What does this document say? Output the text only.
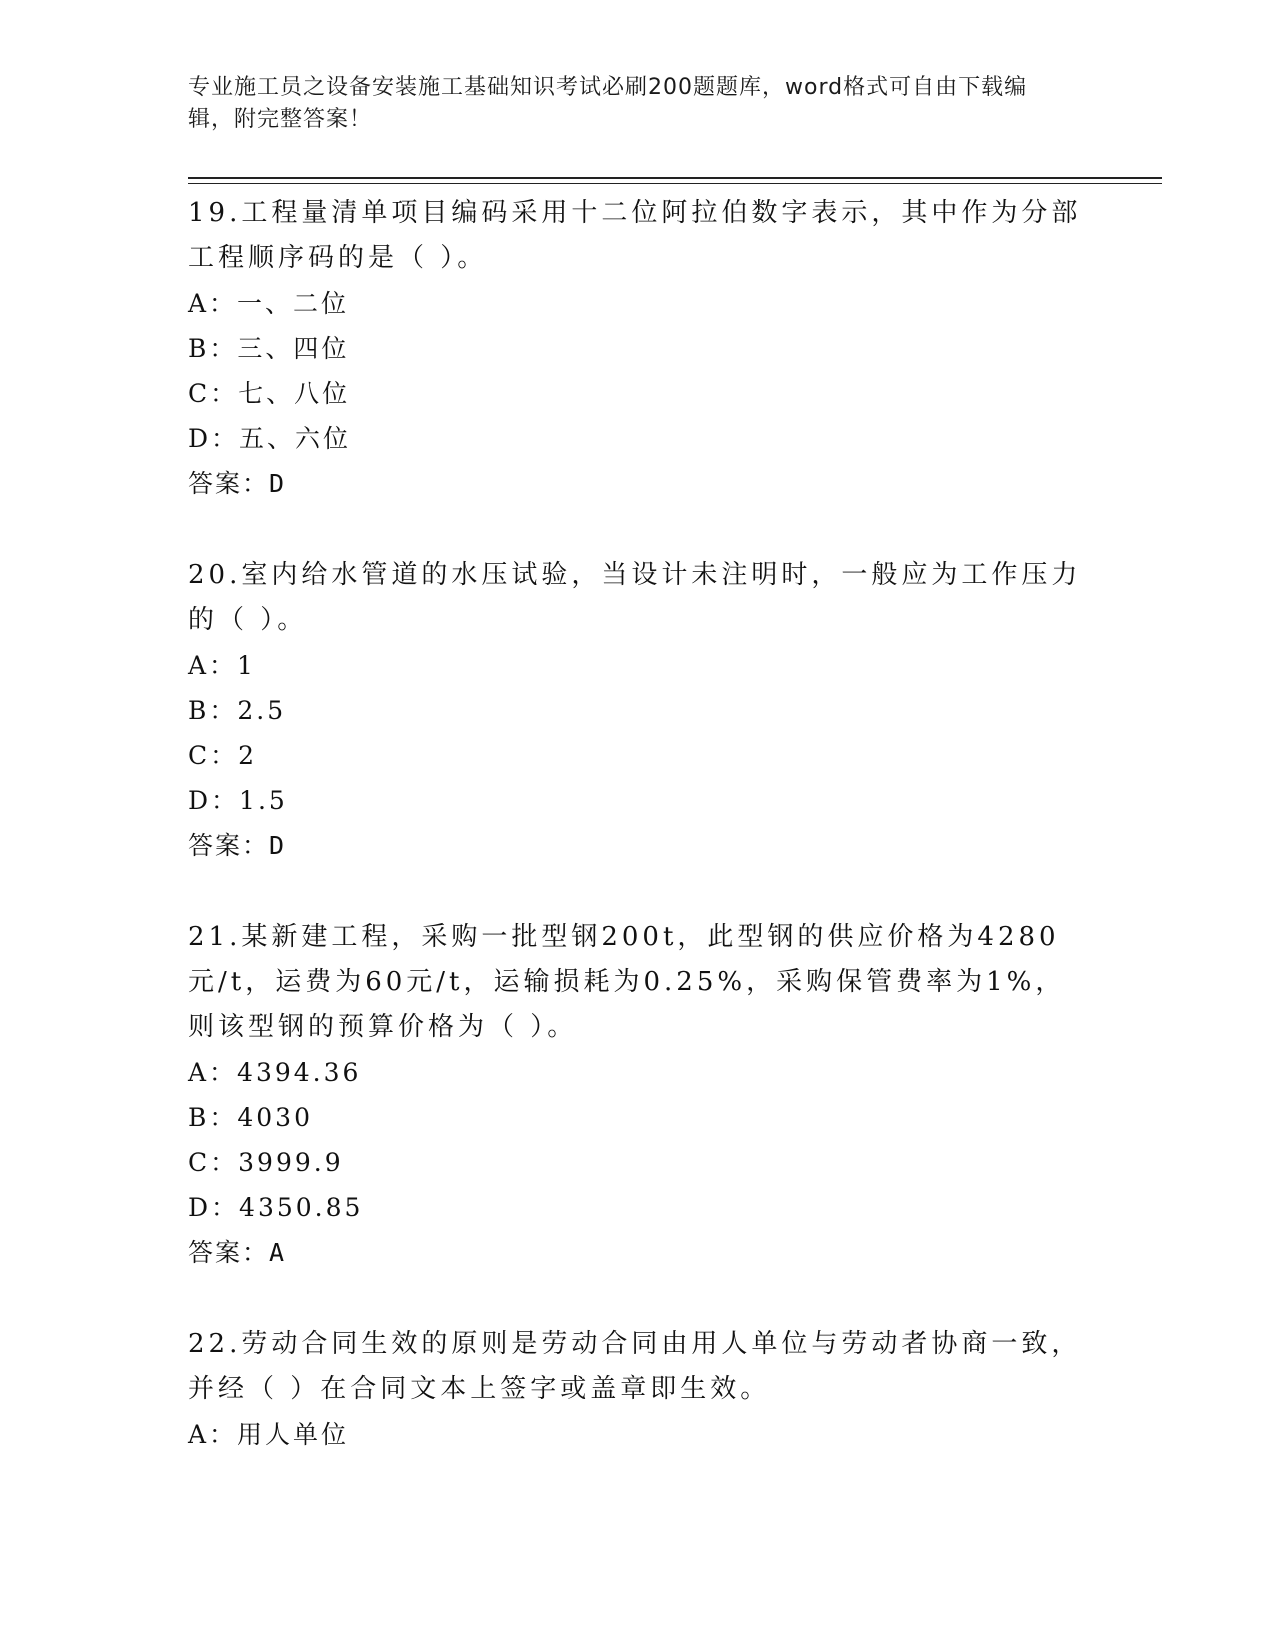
专业施工员之设备安装施工基础知识考试必刷200题题库，word格式可自由下载编辑，附完整答案！
19.工程量清单项目编码采用十二位阿拉伯数字表示，其中作为分部工程顺序码的是（ ）。
A：一、二位
B：三、四位
C：七、八位
D：五、六位
答案：D
20.室内给水管道的水压试验，当设计未注明时，一般应为工作压力的（ ）。
A：1
B：2.5
C：2
D：1.5
答案：D
21.某新建工程，采购一批型钢200t，此型钢的供应价格为4280元/t，运费为60元/t，运输损耗为0.25%，采购保管费率为1%，则该型钢的预算价格为（ ）。
A：4394.36
B：4030
C：3999.9
D：4350.85
答案：A
22.劳动合同生效的原则是劳动合同由用人单位与劳动者协商一致，并经（ ）在合同文本上签字或盖章即生效。
A：用人单位
